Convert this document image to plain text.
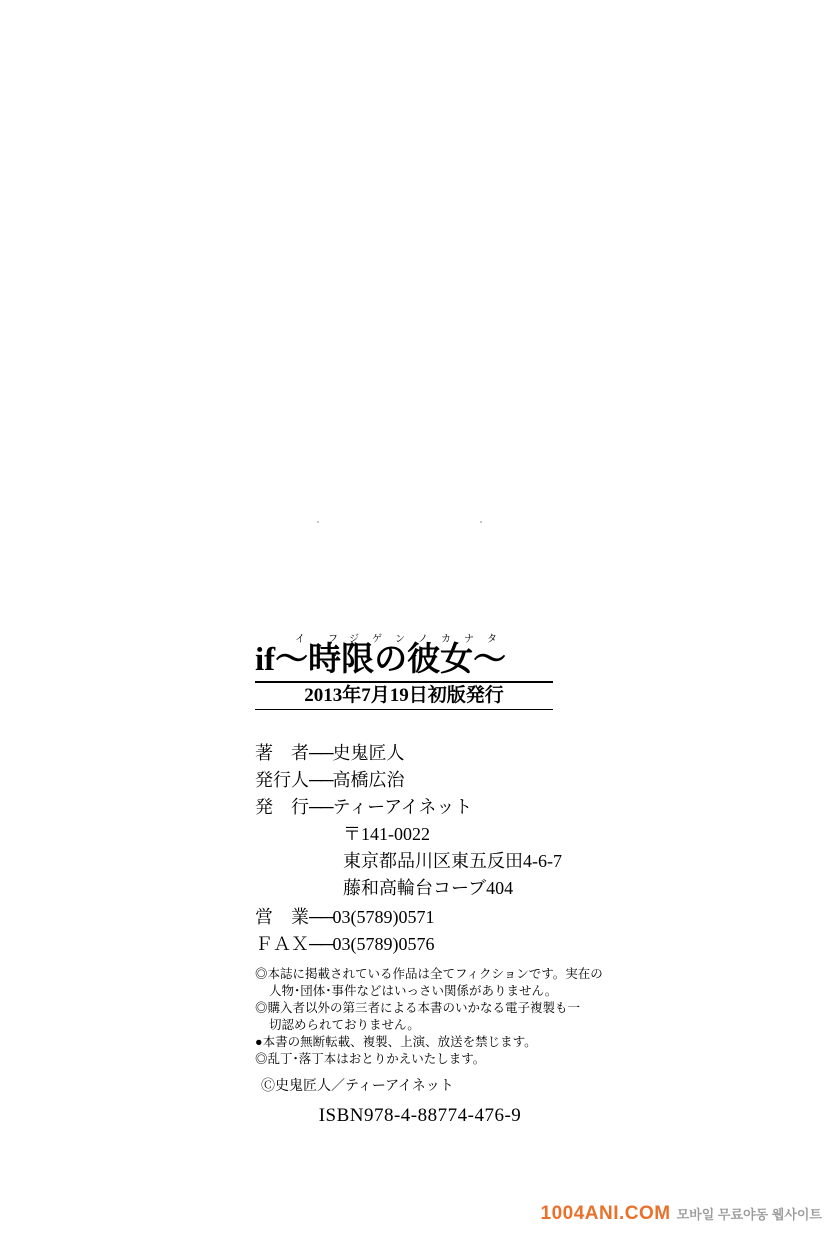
イ フ ジ ゲ ン ノ カ ナ タ
if～時限の彼女～
2013年7月19日初版発行
著　者──史鬼匠人
発行人──高橋広治
発　行──ティーアイネット
〒141-0022
東京都品川区東五反田4-6-7
藤和高輪台コーブ404
営　業──03(5789)0571
ＦＡＸ──03(5789)0576

◎本誌に掲載されている作品は全てフィクションです。実在の

人物･団体･事件などはいっさい関係がありません。

◎購入者以外の第三者による本書のいかなる電子複製も一

切認められておりません。

●本書の無断転載、複製、上演、放送を禁じます。

◎乱丁･落丁本はおとりかえいたします。

Ⓒ史鬼匠人／ティーアイネット
ISBN978-4-88774-476-9
1004ANI.COM 모바일 무료야동 웹사이트
